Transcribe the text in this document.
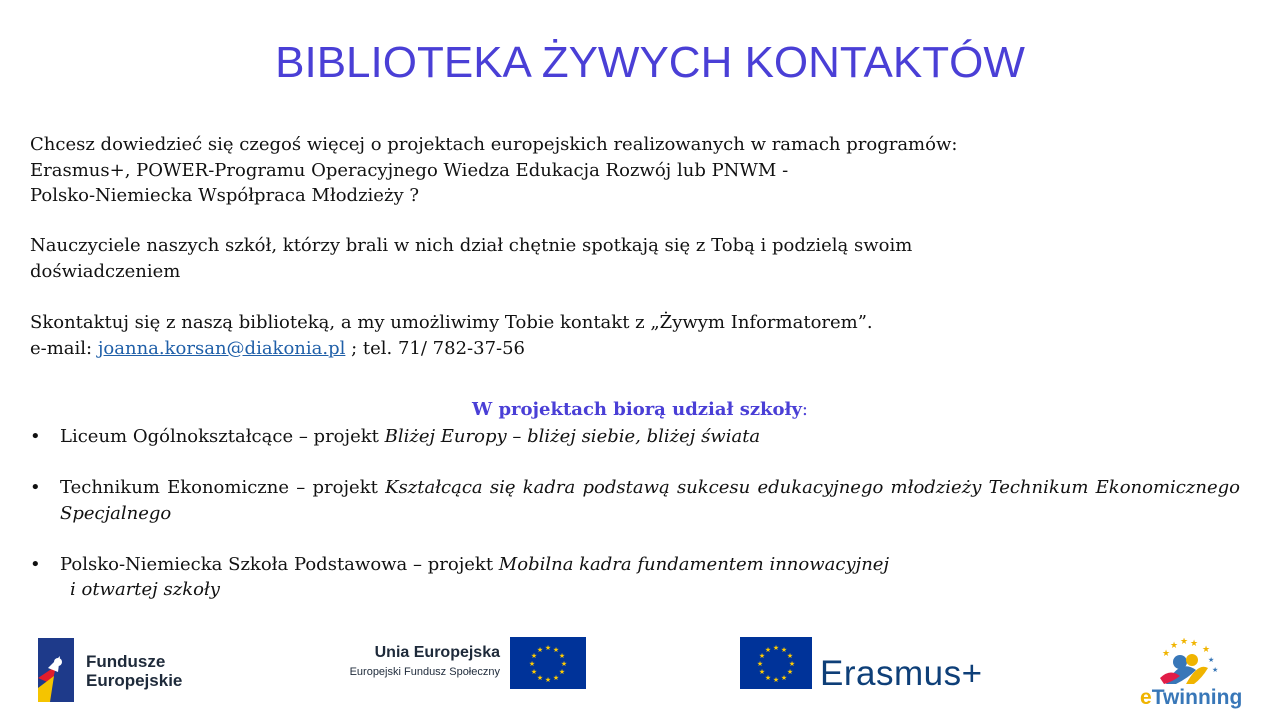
BIBLIOTEKA ŻYWYCH KONTAKTÓW

Chcesz dowiedzieć się czegoś więcej o projektach europejskich realizowanych w ramach programów:
Erasmus+, POWER-Programu Operacyjnego Wiedza Edukacja Rozwój lub PNWM -
Polsko-Niemiecka Współpraca Młodzieży ?

Nauczyciele naszych szkół, którzy brali w nich dział chętnie spotkają się z Tobą i podzielą swoim
doświadczeniem

Skontaktuj się z naszą biblioteką, a my umożliwimy Tobie kontakt z „Żywym Informatorem”.
e-mail: joanna.korsan@diakonia.pl ; tel. 71/ 782-37-56

W projektach biorą udział szkoły:
• Liceum Ogólnokształcące – projekt Bliżej Europy – bliżej siebie, bliżej świata
• Technikum Ekonomiczne – projekt Kształcąca się kadra podstawą sukcesu edukacyjnego młodzieży Technikum Ekonomicznego Specjalnego
• Polsko-Niemiecka Szkoła Podstawowa – projekt Mobilna kadra fundamentem innowacyjnej
i otwartej szkoły
Fundusze
Europejskie
Unia Europejska
Europejski Fundusz Społeczny
★ ★
★
★
★
★
★
★
★
★
★
★	★ ★
★
★
★
★
★
★
★
★
★
★
Erasmus+
★ ★ ★
★	★
★
★
eTwinning
